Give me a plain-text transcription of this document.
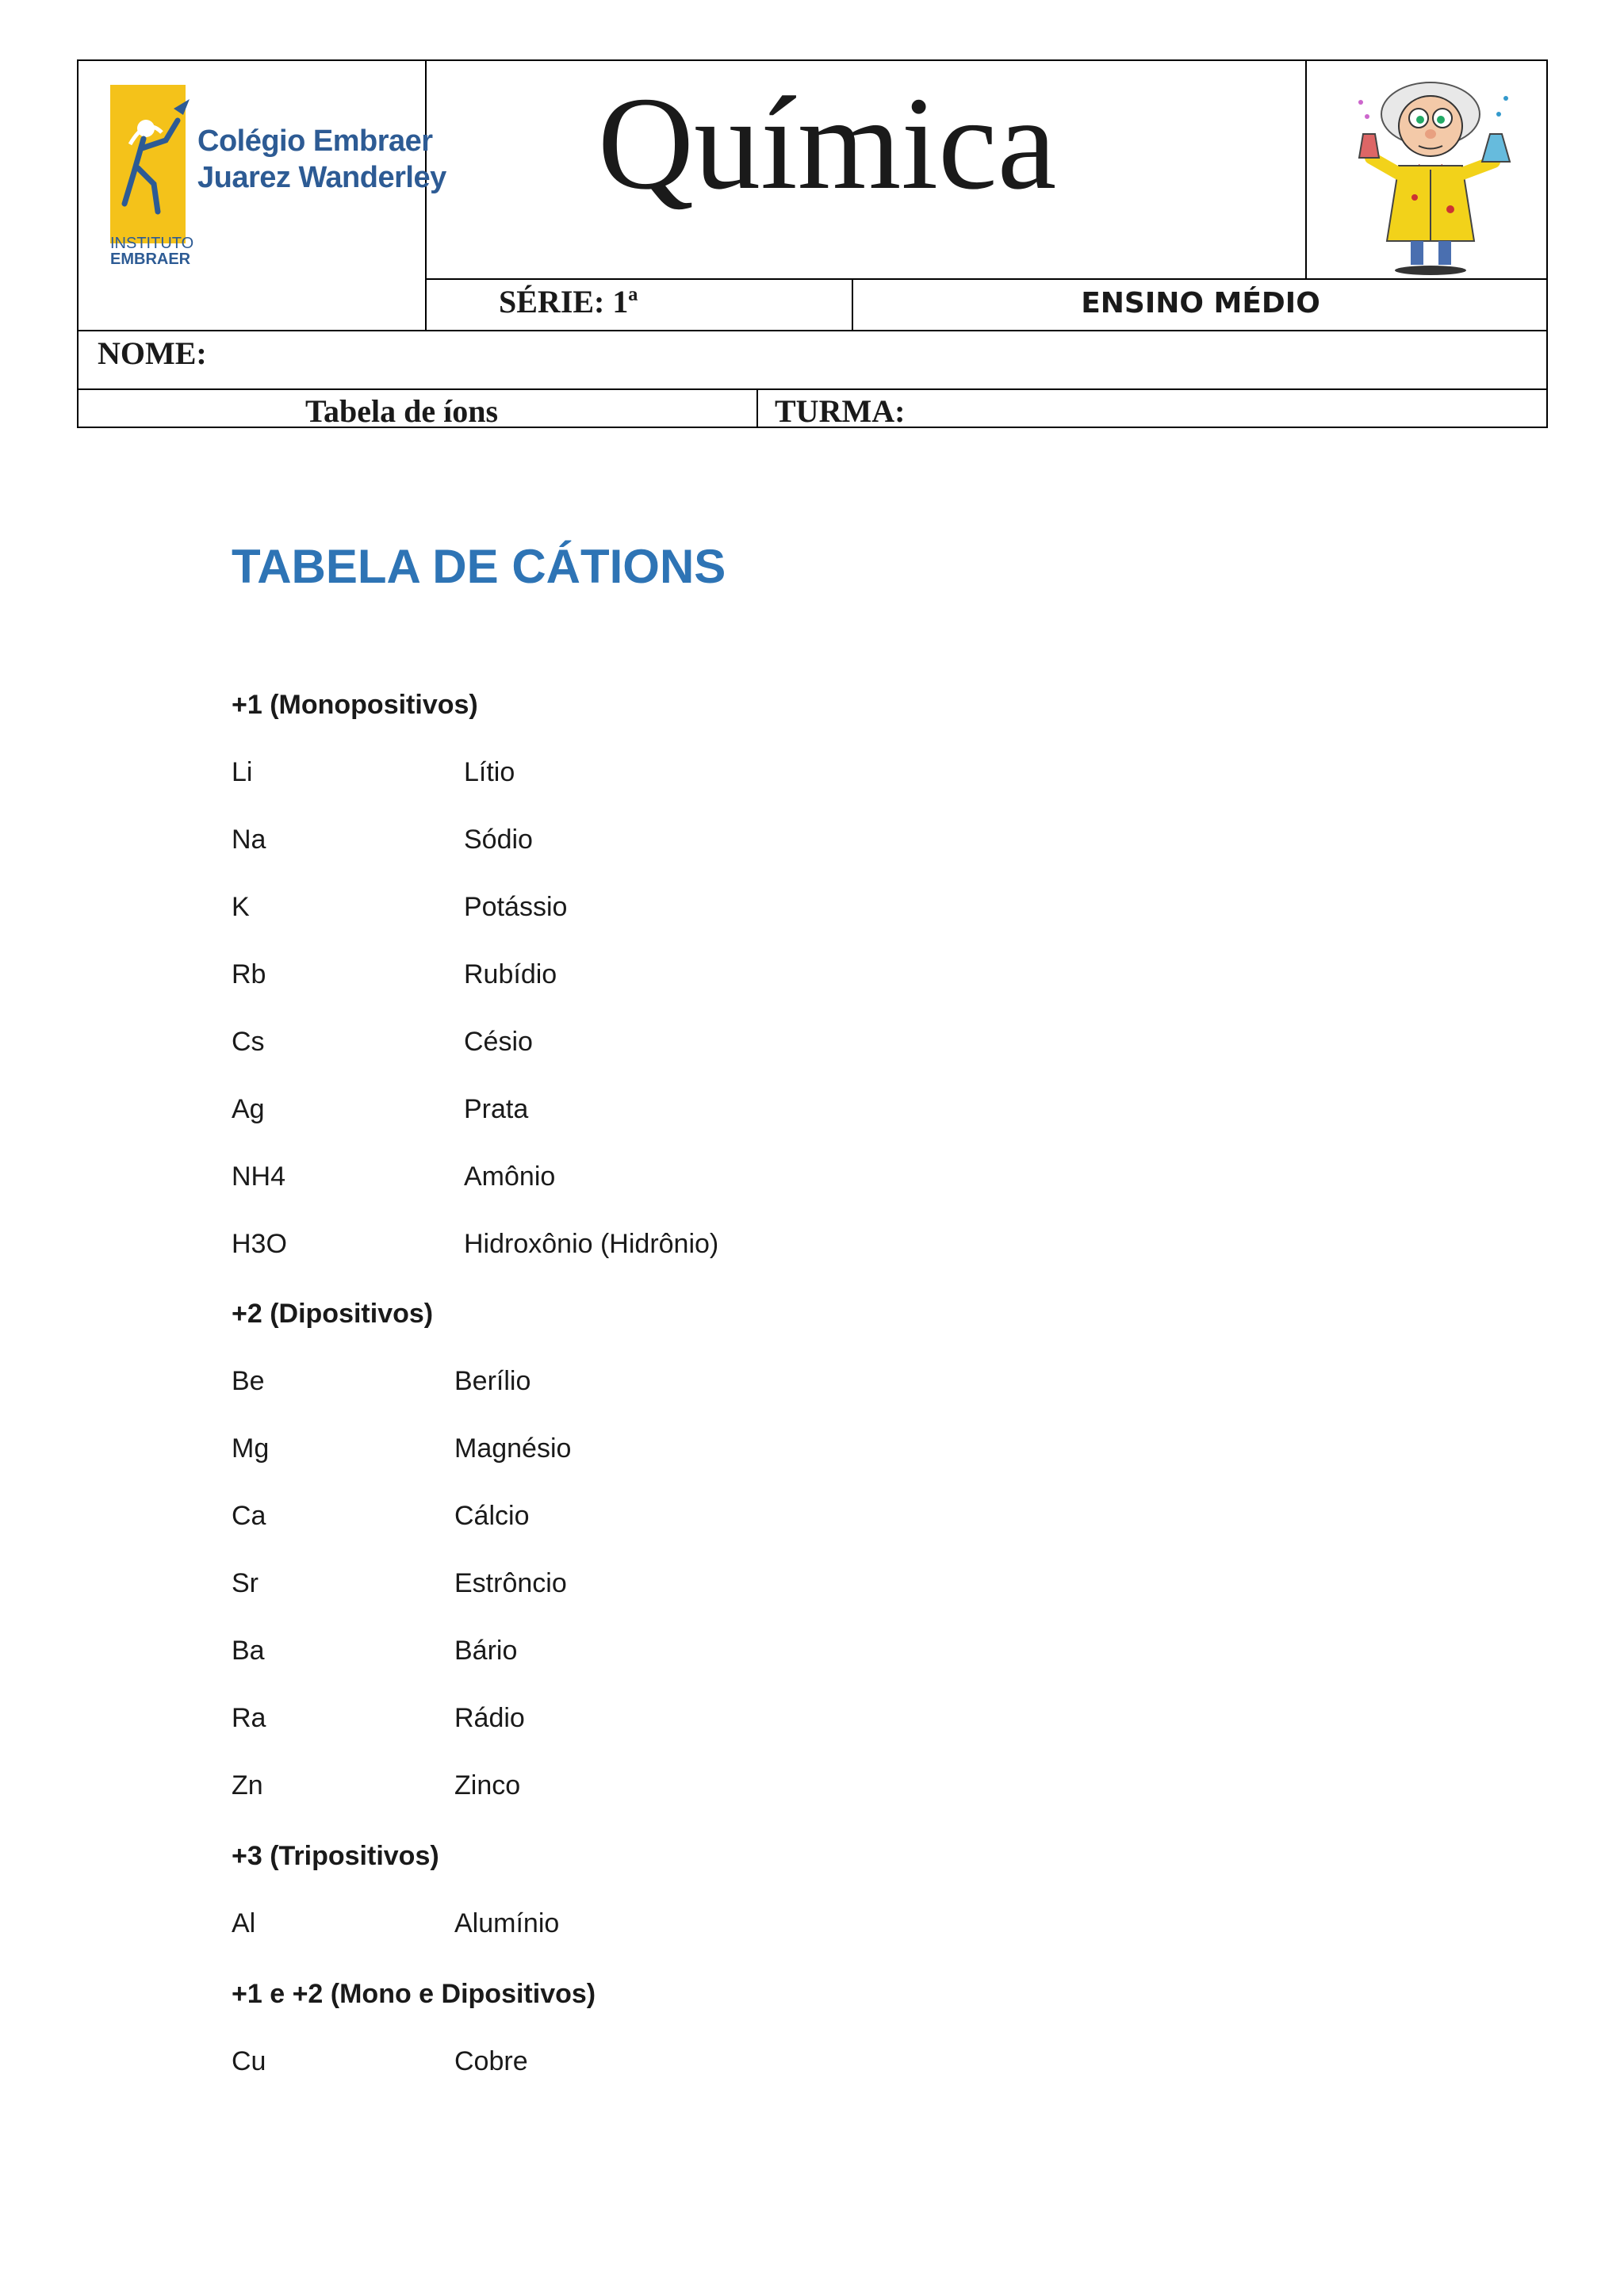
Colégio Embraer
Juarez Wanderley
INSTITUTO
EMBRAER
Química
SÉRIE: 1ª	ENSINO MÉDIO
NOME:
Tabela de íons	TURMA:
TABELA DE CÁTIONS
+1 (Monopositivos)
Li	Lítio
Na	Sódio
K	Potássio
Rb	Rubídio
Cs	Césio
Ag	Prata
NH4	Amônio
H3O	Hidroxônio (Hidrônio)
+2 (Dipositivos)
Be	Berílio
Mg	Magnésio
Ca	Cálcio
Sr	Estrôncio
Ba	Bário
Ra	Rádio
Zn	Zinco
+3 (Tripositivos)
Al	Alumínio
+1 e +2 (Mono e Dipositivos)
Cu	Cobre
